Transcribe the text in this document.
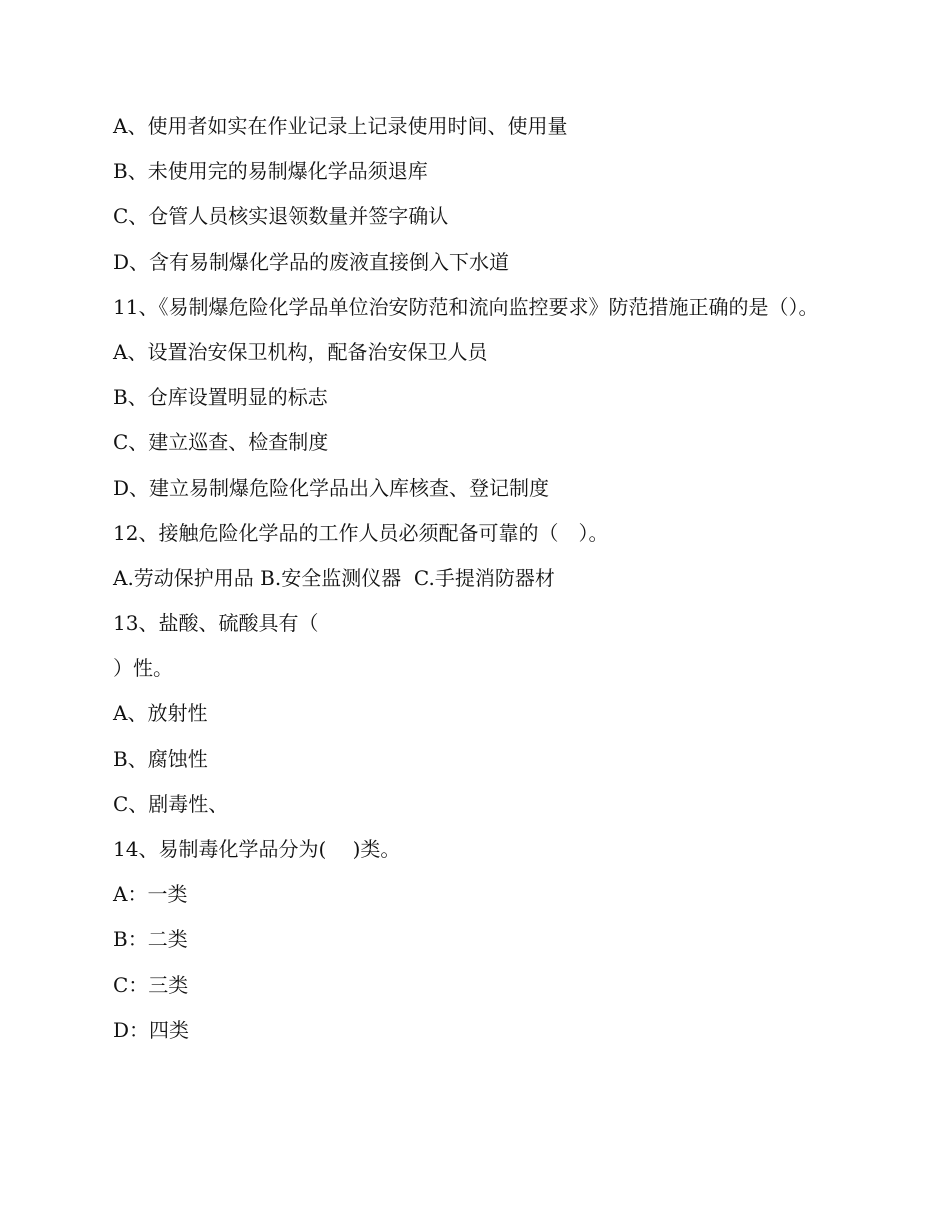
A、使用者如实在作业记录上记录使用时间、使用量
B、未使用完的易制爆化学品须退库
C、仓管人员核实退领数量并签字确认
D、含有易制爆化学品的废液直接倒入下水道
11、《易制爆危险化学品单位治安防范和流向监控要求》防范措施正确的是（）。
A、设置治安保卫机构，配备治安保卫人员
B、仓库设置明显的标志
C、建立巡查、检查制度
D、建立易制爆危险化学品出入库核查、登记制度
12、接触危险化学品的工作人员必须配备可靠的（　）。
A.劳动保护用品 B.安全监测仪器  C.手提消防器材
13、盐酸、硫酸具有（
）性。
A、放射性
B、腐蚀性
C、剧毒性、
14、易制毒化学品分为(　 )类。
A：一类
B：二类
C：三类
D：四类
